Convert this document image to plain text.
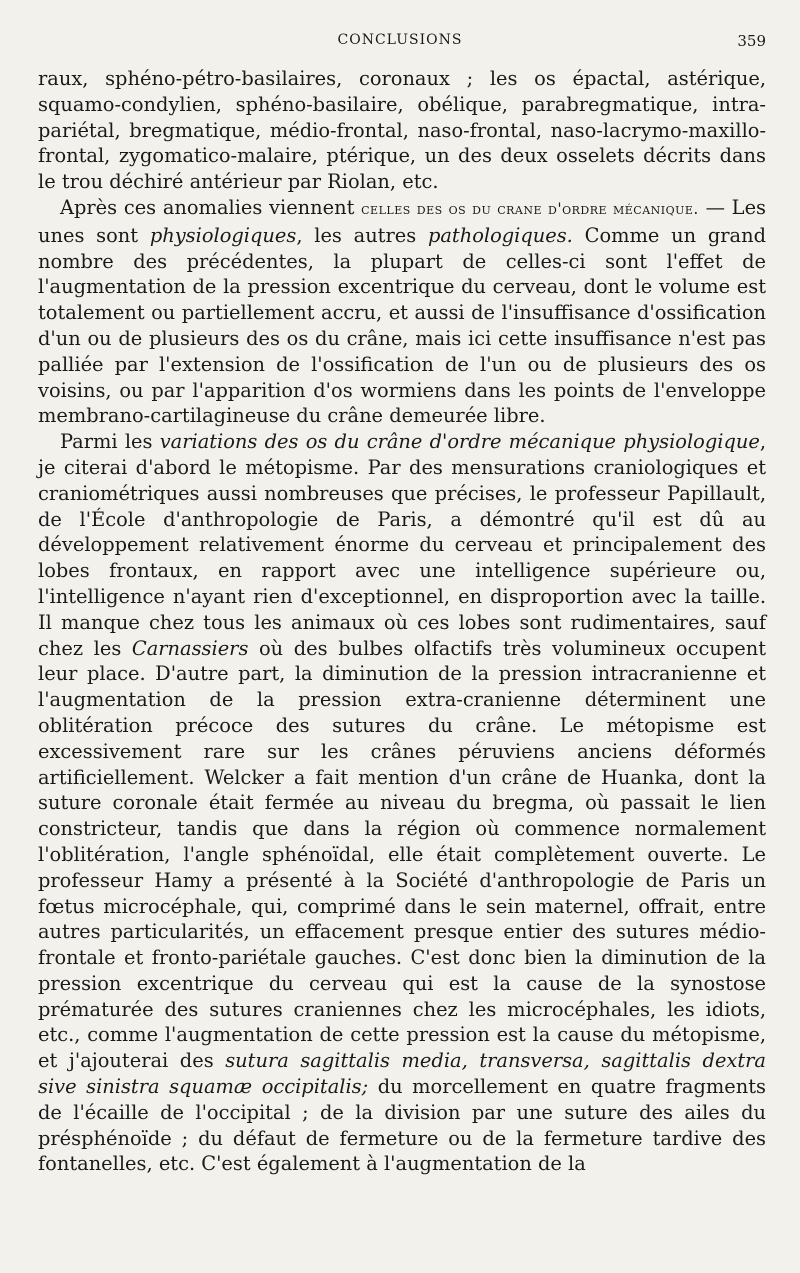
CONCLUSIONS	359

raux, sphéno-pétro-basilaires, coronaux ; les os épactal, astérique, squamo-condylien, sphéno-basilaire, obélique, parabregmatique, intra-pariétal, bregmatique, médio-frontal, naso-frontal, naso-lacrymo-maxillo-frontal, zygomatico-malaire, ptérique, un des deux osselets décrits dans le trou déchiré antérieur par Riolan, etc.

Après ces anomalies viennent celles des os du crane d'ordre mécanique. — Les unes sont physiologiques, les autres pathologiques. Comme un grand nombre des précédentes, la plupart de celles-ci sont l'effet de l'augmentation de la pression excentrique du cerveau, dont le volume est totalement ou partiellement accru, et aussi de l'insuffisance d'ossification d'un ou de plusieurs des os du crâne, mais ici cette insuffisance n'est pas palliée par l'extension de l'ossification de l'un ou de plusieurs des os voisins, ou par l'apparition d'os wormiens dans les points de l'enveloppe membrano-cartilagineuse du crâne demeurée libre.

Parmi les variations des os du crâne d'ordre mécanique physiologique, je citerai d'abord le métopisme. Par des mensurations craniologiques et craniométriques aussi nombreuses que précises, le professeur Papillault, de l'École d'anthropologie de Paris, a démontré qu'il est dû au développement relativement énorme du cerveau et principalement des lobes frontaux, en rapport avec une intelligence supérieure ou, l'intelligence n'ayant rien d'exceptionnel, en disproportion avec la taille. Il manque chez tous les animaux où ces lobes sont rudimentaires, sauf chez les Carnassiers où des bulbes olfactifs très volumineux occupent leur place. D'autre part, la diminution de la pression intracranienne et l'augmentation de la pression extra-cranienne déterminent une oblitération précoce des sutures du crâne. Le métopisme est excessivement rare sur les crânes péruviens anciens déformés artificiellement. Welcker a fait mention d'un crâne de Huanka, dont la suture coronale était fermée au niveau du bregma, où passait le lien constricteur, tandis que dans la région où commence normalement l'oblitération, l'angle sphénoïdal, elle était complètement ouverte. Le professeur Hamy a présenté à la Société d'anthropologie de Paris un fœtus microcéphale, qui, comprimé dans le sein maternel, offrait, entre autres particularités, un effacement presque entier des sutures médio-frontale et fronto-pariétale gauches. C'est donc bien la diminution de la pression excentrique du cerveau qui est la cause de la synostose prématurée des sutures craniennes chez les microcéphales, les idiots, etc., comme l'augmentation de cette pression est la cause du métopisme, et j'ajouterai des sutura sagittalis media, transversa, sagittalis dextra sive sinistra squamæ occipitalis; du morcellement en quatre fragments de l'écaille de l'occipital ; de la division par une suture des ailes du présphénoïde ; du défaut de fermeture ou de la fermeture tardive des fontanelles, etc. C'est également à l'augmentation de la
